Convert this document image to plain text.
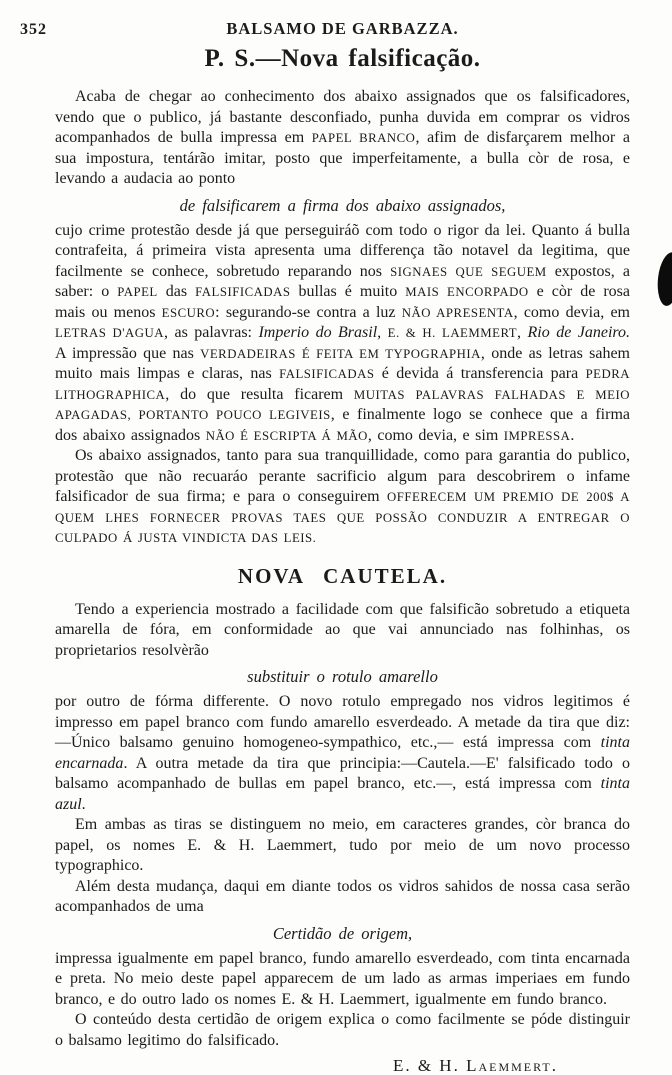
352	BALSAMO DE GARBAZZA.
P. S.—Nova falsificação.

Acaba de chegar ao conhecimento dos abaixo assignados que os falsificadores, vendo que o publico, já bastante desconfiado, punha duvida em comprar os vidros acompanhados de bulla impressa em PAPEL BRANCO, afim de disfarçarem melhor a sua impostura, tentárão imitar, posto que imperfeitamente, a bulla còr de rosa, e levando a audacia ao ponto

de falsificarem a firma dos abaixo assignados,

cujo crime protestão desde já que perseguiráõ com todo o rigor da lei. Quanto á bulla contrafeita, á primeira vista apresenta uma differença tão notavel da legitima, que facilmente se conhece, sobretudo reparando nos SIGNAES QUE SEGUEM expostos, a saber: o PAPEL das FALSIFICADAS bullas é muito MAIS ENCORPADO e còr de rosa mais ou menos ESCURO: segurando-se contra a luz NÃO APRESENTA, como devia, em LETRAS D'AGUA, as palavras: Imperio do Brasil, E. & H. LAEMMERT, Rio de Janeiro. A impressão que nas VERDADEIRAS É FEITA EM TYPOGRAPHIA, onde as letras sahem muito mais limpas e claras, nas FALSIFICADAS é devida á transferencia para PEDRA LITHOGRAPHICA, do que resulta ficarem MUITAS PALAVRAS FALHADAS E MEIO APAGADAS, PORTANTO POUCO LEGIVEIS, e finalmente logo se conhece que a firma dos abaixo assignados NÃO É ESCRIPTA Á MÃO, como devia, e sim IMPRESSA.

Os abaixo assignados, tanto para sua tranquillidade, como para garantia do publico, protestão que não recuaráo perante sacrificio algum para descobrirem o infame falsificador de sua firma; e para o conseguirem OFFERECEM UM PREMIO DE 200$ A QUEM LHES FORNECER PROVAS TAES QUE POSSÃO CONDUZIR A ENTREGAR O CULPADO Á JUSTA VINDICTA DAS LEIS.

NOVA CAUTELA.

Tendo a experiencia mostrado a facilidade com que falsificão sobretudo a etiqueta amarella de fóra, em conformidade ao que vai annunciado nas folhinhas, os proprietarios resolvèrão

substituir o rotulo amarello

por outro de fórma differente. O novo rotulo empregado nos vidros legitimos é impresso em papel branco com fundo amarello esverdeado. A metade da tira que diz:—Único balsamo genuino homogeneo-sympathico, etc.,— está impressa com tinta encarnada. A outra metade da tira que principia:—Cautela.—E' falsificado todo o balsamo acompanhado de bullas em papel branco, etc.—, está impressa com tinta azul.

Em ambas as tiras se distinguem no meio, em caracteres grandes, còr branca do papel, os nomes E. & H. Laemmert, tudo por meio de um novo processo typographico.

Além desta mudança, daqui em diante todos os vidros sahidos de nossa casa serão acompanhados de uma

Certidão de origem,

impressa igualmente em papel branco, fundo amarello esverdeado, com tinta encarnada e preta. No meio deste papel apparecem de um lado as armas imperiaes em fundo branco, e do outro lado os nomes E. & H. Laemmert, igualmente em fundo branco.

O conteúdo desta certidão de origem explica o como facilmente se póde distinguir o balsamo legitimo do falsificado.

E. & H. Laemmert.
